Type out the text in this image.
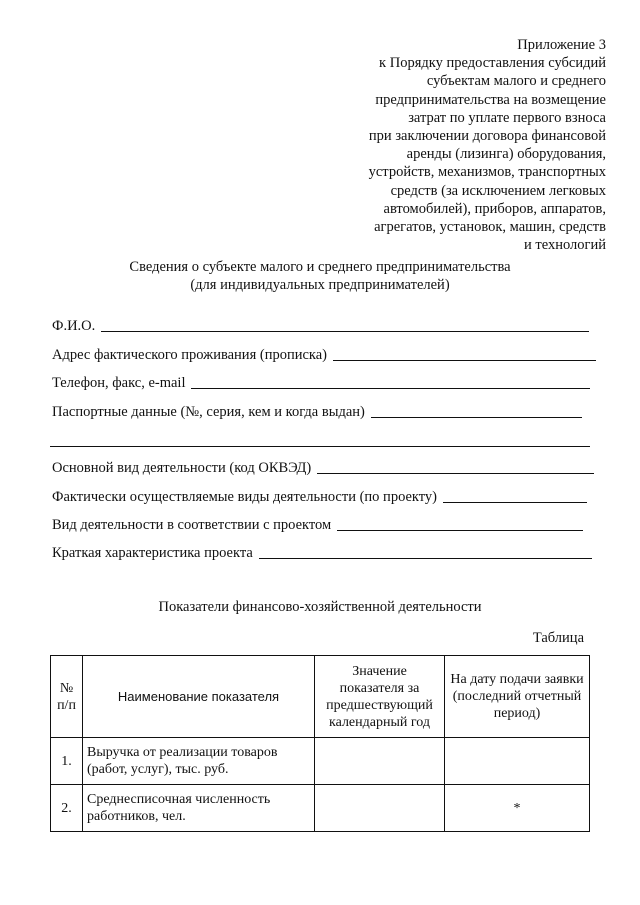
Приложение 3
к Порядку предоставления субсидий
субъектам малого и среднего
предпринимательства на возмещение
затрат по уплате первого взноса
при заключении договора финансовой
аренды (лизинга) оборудования,
устройств, механизмов, транспортных
средств (за исключением легковых
автомобилей), приборов, аппаратов,
агрегатов, установок, машин, средств
и технологий
Сведения о субъекте малого и среднего предпринимательства
(для индивидуальных предпринимателей)
Ф.И.О.
Адрес фактического проживания (прописка)
Телефон, факс, e-mail
Паспортные данные (№, серия, кем и когда выдан)
Основной вид деятельности (код ОКВЭД)
Фактически осуществляемые виды деятельности (по проекту)
Вид деятельности в соответствии с проектом
Краткая характеристика проекта
Показатели финансово-хозяйственной деятельности
Таблица
№
п/п	Наименование показателя	Значение показателя за предшествующий календарный год	На дату подачи заявки (последний отчетный период)
1.	Выручка от реализации товаров (работ, услуг), тыс. руб.		
2.	Среднесписочная численность работников, чел.		*
